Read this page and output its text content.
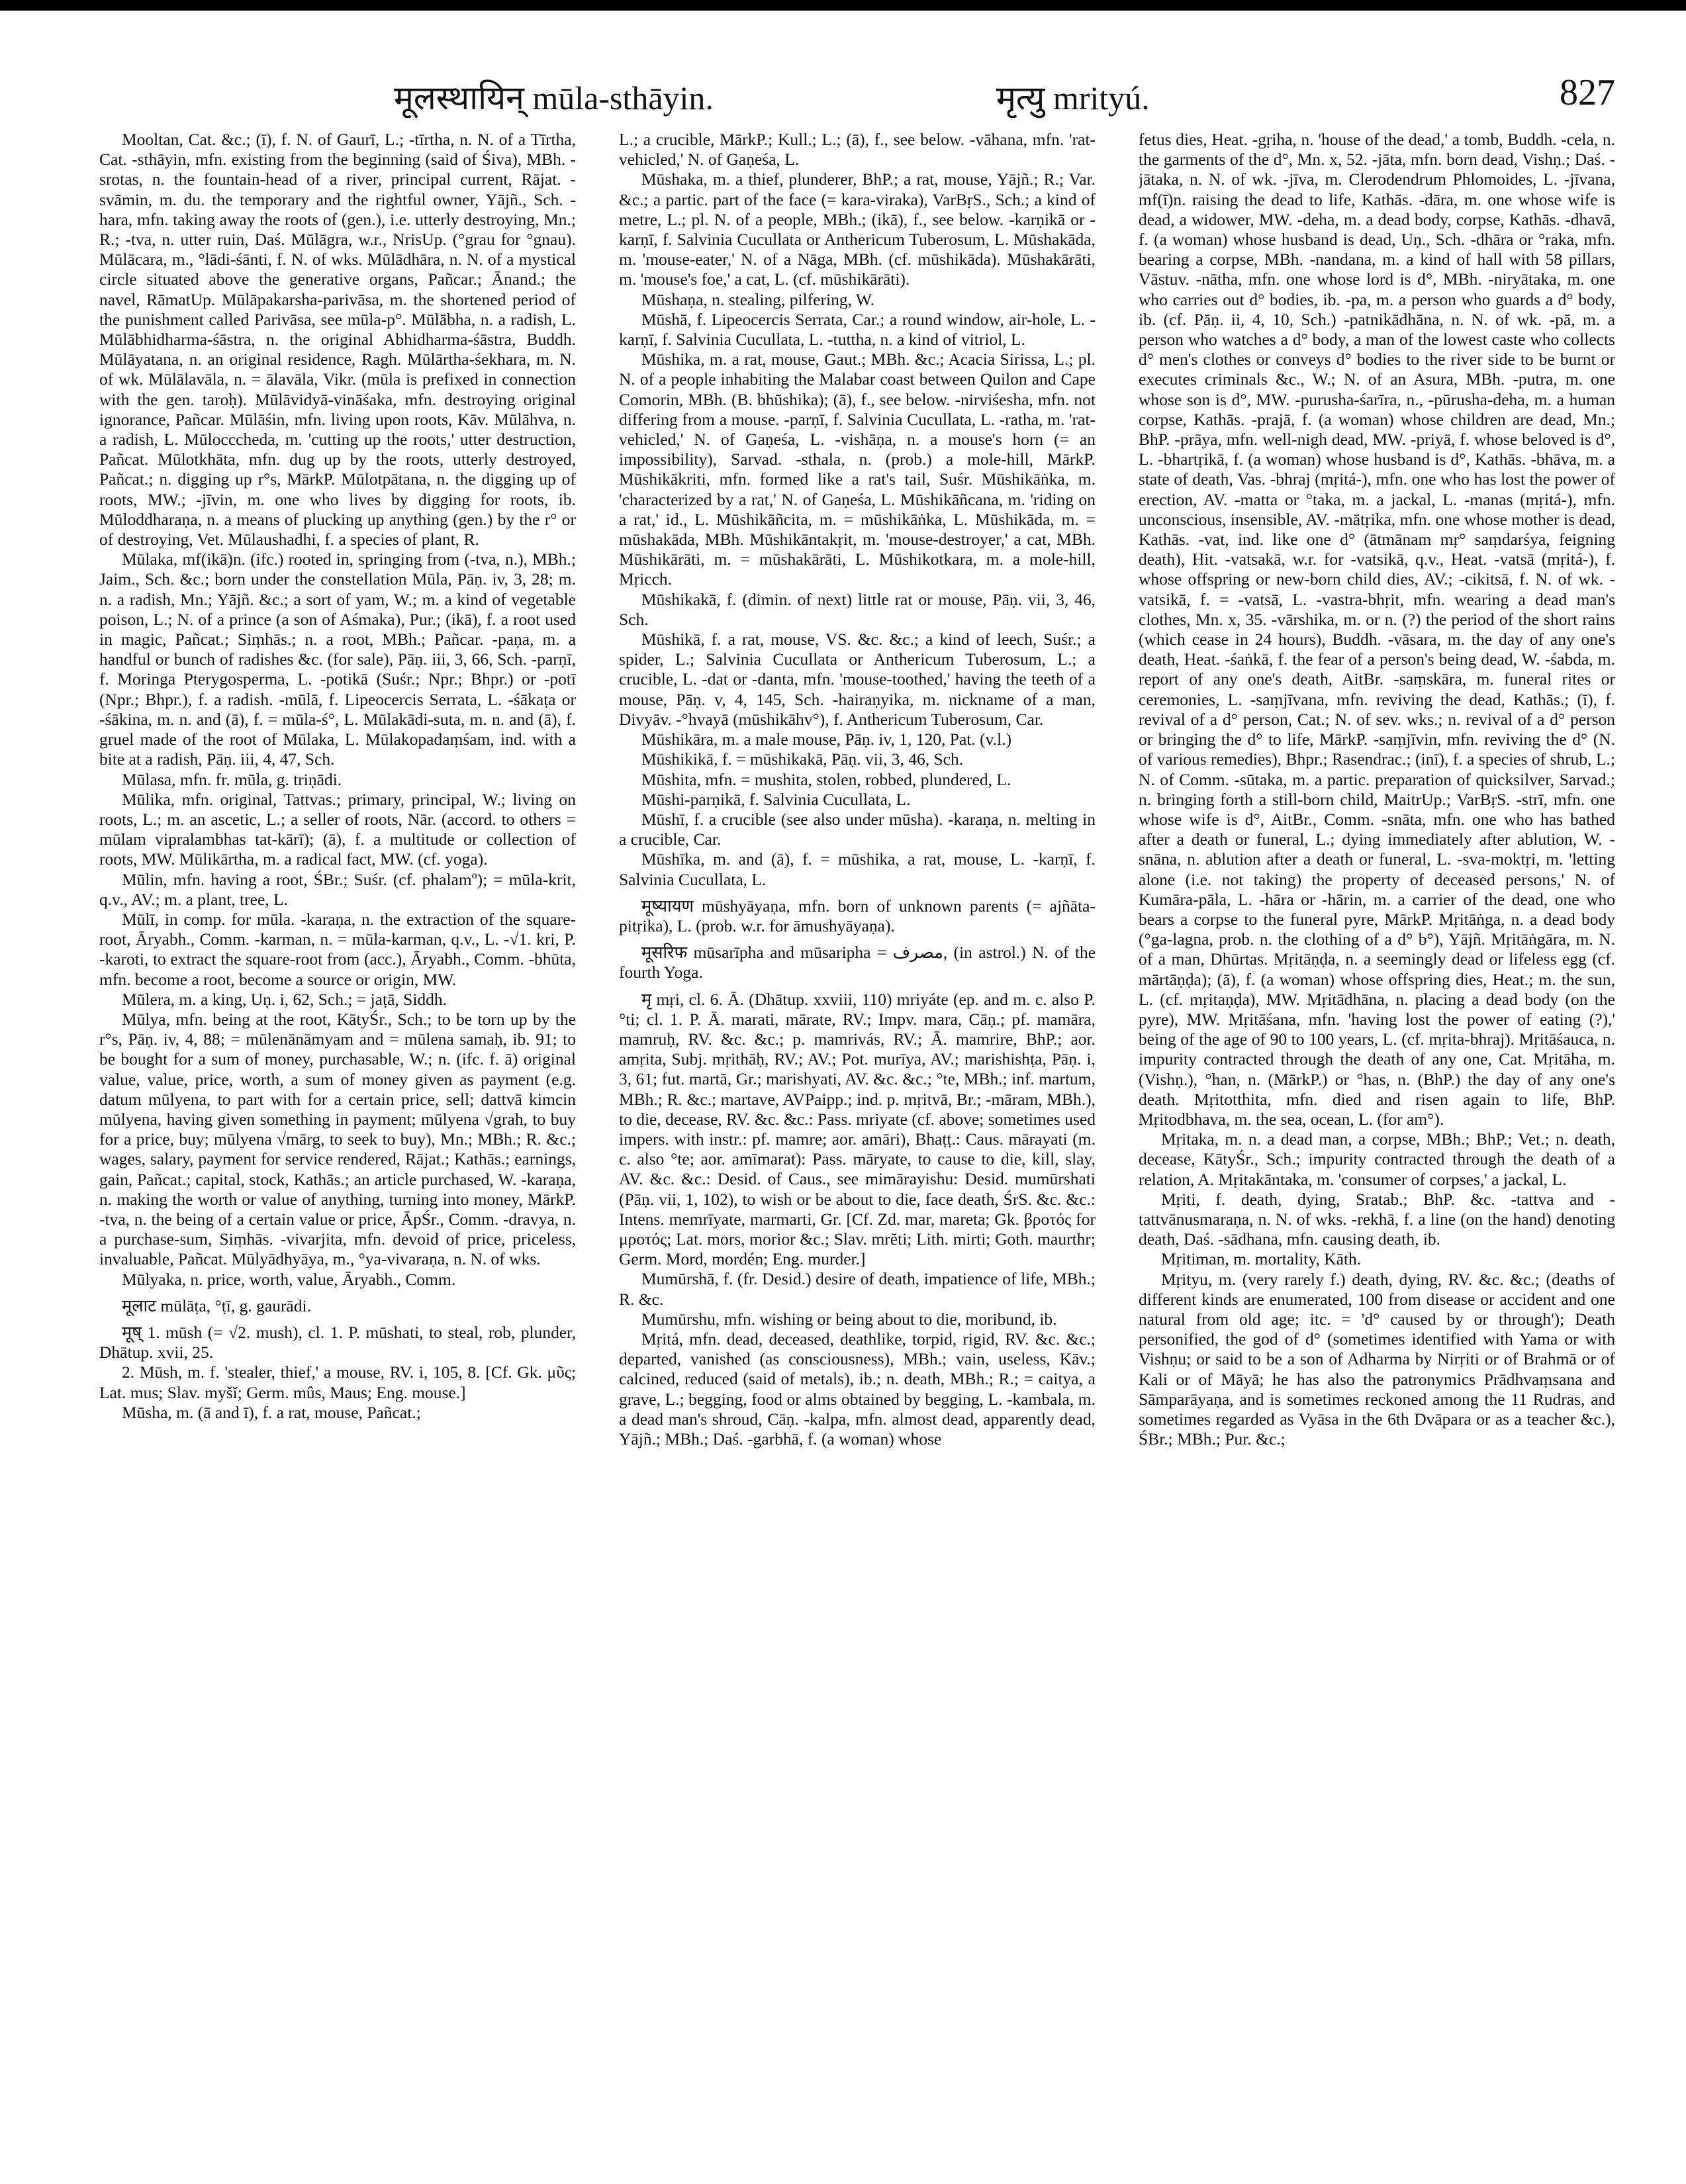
मूलस्थायिन् mūla-sthāyin.	मृत्यु mrityú.	827

Mooltan, Cat. &c.; (ī), f. N. of Gaurī, L.; -tīrtha, n. N. of a Tīrtha, Cat. -sthāyin, mfn. existing from the beginning (said of Śiva), MBh. -srotas, n. the fountain-head of a river, principal current, Rājat. -svāmin, m. du. the temporary and the rightful owner, Yājñ., Sch. -hara, mfn. taking away the roots of (gen.), i.e. utterly destroying, Mn.; R.; -tva, n. utter ruin, Daś. Mūlāgra, w.r., NrisUp. (°grau for °gnau). Mūlācara, m., °lādi-śānti, f. N. of wks. Mūlādhāra, n. N. of a mystical circle situated above the generative organs, Pañcar.; Ānand.; the navel, RāmatUp. Mūlāpakarsha-parivāsa, m. the shortened period of the punishment called Parivāsa, see mūla-p°. Mūlābha, n. a radish, L. Mūlābhidharma-śāstra, n. the original Abhidharma-śāstra, Buddh. Mūlāyatana, n. an original residence, Ragh. Mūlārtha-śekhara, m. N. of wk. Mūlālavāla, n. = ālavāla, Vikr. (mūla is prefixed in connection with the gen. taroḥ). Mūlāvidyā-vināśaka, mfn. destroying original ignorance, Pañcar. Mūlāśin, mfn. living upon roots, Kāv. Mūlāhva, n. a radish, L. Mūlocccheda, m. 'cutting up the roots,' utter destruction, Pañcat. Mūlotkhāta, mfn. dug up by the roots, utterly destroyed, Pañcat.; n. digging up r°s, MārkP. Mūlotpātana, n. the digging up of roots, MW.; -jīvin, m. one who lives by digging for roots, ib. Mūloddharaṇa, n. a means of plucking up anything (gen.) by the r° or of destroying, Vet. Mūlaushadhi, f. a species of plant, R.

Mūlaka, mf(ikā)n. (ifc.) rooted in, springing from (-tva, n.), MBh.; Jaim., Sch. &c.; born under the constellation Mūla, Pāṇ. iv, 3, 28; m. n. a radish, Mn.; Yājñ. &c.; a sort of yam, W.; m. a kind of vegetable poison, L.; N. of a prince (a son of Aśmaka), Pur.; (ikā), f. a root used in magic, Pañcat.; Siṃhās.; n. a root, MBh.; Pañcar. -paṇa, m. a handful or bunch of radishes &c. (for sale), Pāṇ. iii, 3, 66, Sch. -parṇī, f. Moringa Pterygosperma, L. -potikā (Suśr.; Npr.; Bhpr.) or -potī (Npr.; Bhpr.), f. a radish. -mūlā, f. Lipeocercis Serrata, L. -śākaṭa or -śākina, m. n. and (ā), f. = mūla-ś°, L. Mūlakādi-suta, m. n. and (ā), f. gruel made of the root of Mūlaka, L. Mūlakopadaṃśam, ind. with a bite at a radish, Pāṇ. iii, 4, 47, Sch.

Mūlasa, mfn. fr. mūla, g. triṇādi.

Mūlika, mfn. original, Tattvas.; primary, principal, W.; living on roots, L.; m. an ascetic, L.; a seller of roots, Nār. (accord. to others = mūlam vipralambhas tat-kārī); (ā), f. a multitude or collection of roots, MW. Mūlikārtha, m. a radical fact, MW. (cf. yoga).

Mūlin, mfn. having a root, ŚBr.; Suśr. (cf. phalamº); = mūla-krit, q.v., AV.; m. a plant, tree, L.

Mūlī, in comp. for mūla. -karaṇa, n. the extraction of the square-root, Āryabh., Comm. -karman, n. = mūla-karman, q.v., L. -√1. kri, P. -karoti, to extract the square-root from (acc.), Āryabh., Comm. -bhūta, mfn. become a root, become a source or origin, MW.

Mūlera, m. a king, Uṇ. i, 62, Sch.; = jaṭā, Siddh.

Mūlya, mfn. being at the root, KātyŚr., Sch.; to be torn up by the r°s, Pāṇ. iv, 4, 88; = mūlenānāmyam and = mūlena samaḥ, ib. 91; to be bought for a sum of money, purchasable, W.; n. (ifc. f. ā) original value, value, price, worth, a sum of money given as payment (e.g. datum mūlyena, to part with for a certain price, sell; dattvā kimcin mūlyena, having given something in payment; mūlyena √grah, to buy for a price, buy; mūlyena √mārg, to seek to buy), Mn.; MBh.; R. &c.; wages, salary, payment for service rendered, Rājat.; Kathās.; earnings, gain, Pañcat.; capital, stock, Kathās.; an article purchased, W. -karaṇa, n. making the worth or value of anything, turning into money, MārkP. -tva, n. the being of a certain value or price, ĀpŚr., Comm. -dravya, n. a purchase-sum, Siṃhās. -vivarjita, mfn. devoid of price, priceless, invaluable, Pañcat. Mūlyādhyāya, m., °ya-vivaraṇa, n. N. of wks.

Mūlyaka, n. price, worth, value, Āryabh., Comm.

मूलाट mūlāṭa, °ṭī, g. gaurādi.

मूष् 1. mūsh (= √2. mush), cl. 1. P. mūshati, to steal, rob, plunder, Dhātup. xvii, 25.

2. Mūsh, m. f. 'stealer, thief,' a mouse, RV. i, 105, 8. [Cf. Gk. μῦς; Lat. mus; Slav. myšĭ; Germ. mûs, Maus; Eng. mouse.]

Mūsha, m. (ā and ī), f. a rat, mouse, Pañcat.;

L.; a crucible, MārkP.; Kull.; L.; (ā), f., see below. -vāhana, mfn. 'rat-vehicled,' N. of Gaṇeśa, L.

Mūshaka, m. a thief, plunderer, BhP.; a rat, mouse, Yājñ.; R.; Var. &c.; a partic. part of the face (= kara-viraka), VarBṛS., Sch.; a kind of metre, L.; pl. N. of a people, MBh.; (ikā), f., see below. -karṇikā or -karṇī, f. Salvinia Cucullata or Anthericum Tuberosum, L. Mūshakāda, m. 'mouse-eater,' N. of a Nāga, MBh. (cf. mūshikāda). Mūshakārāti, m. 'mouse's foe,' a cat, L. (cf. mūshikārāti).

Mūshaṇa, n. stealing, pilfering, W.

Mūshā, f. Lipeocercis Serrata, Car.; a round window, air-hole, L. -karṇī, f. Salvinia Cucullata, L. -tuttha, n. a kind of vitriol, L.

Mūshika, m. a rat, mouse, Gaut.; MBh. &c.; Acacia Sirissa, L.; pl. N. of a people inhabiting the Malabar coast between Quilon and Cape Comorin, MBh. (B. bhūshika); (ā), f., see below. -nirviśesha, mfn. not differing from a mouse. -parṇī, f. Salvinia Cucullata, L. -ratha, m. 'rat-vehicled,' N. of Gaṇeśa, L. -vishāṇa, n. a mouse's horn (= an impossibility), Sarvad. -sthala, n. (prob.) a mole-hill, MārkP. Mūshikākriti, mfn. formed like a rat's tail, Suśr. Mūshikāṅka, m. 'characterized by a rat,' N. of Gaṇeśa, L. Mūshikāñcana, m. 'riding on a rat,' id., L. Mūshikāñcita, m. = mūshikāṅka, L. Mūshikāda, m. = mūshakāda, MBh. Mūshikāntakṛit, m. 'mouse-destroyer,' a cat, MBh. Mūshikārāti, m. = mūshakārāti, L. Mūshikotkara, m. a mole-hill, Mṛicch.

Mūshikakā, f. (dimin. of next) little rat or mouse, Pāṇ. vii, 3, 46, Sch.

Mūshikā, f. a rat, mouse, VS. &c. &c.; a kind of leech, Suśr.; a spider, L.; Salvinia Cucullata or Anthericum Tuberosum, L.; a crucible, L. -dat or -danta, mfn. 'mouse-toothed,' having the teeth of a mouse, Pāṇ. v, 4, 145, Sch. -hairaṇyika, m. nickname of a man, Divyāv. -°hvayā (mūshikāhv°), f. Anthericum Tuberosum, Car.

Mūshikāra, m. a male mouse, Pāṇ. iv, 1, 120, Pat. (v.l.)

Mūshikikā, f. = mūshikakā, Pāṇ. vii, 3, 46, Sch.

Mūshita, mfn. = mushita, stolen, robbed, plundered, L.

Mūshi-parṇikā, f. Salvinia Cucullata, L.

Mūshī, f. a crucible (see also under mūsha). -karaṇa, n. melting in a crucible, Car.

Mūshīka, m. and (ā), f. = mūshika, a rat, mouse, L. -karṇī, f. Salvinia Cucullata, L.

मूष्यायण mūshyāyaṇa, mfn. born of unknown parents (= ajñāta-pitṛika), L. (prob. w.r. for āmushyāyaṇa).

मूसरिफ mūsarīpha and mūsaripha = مصرف, (in astrol.) N. of the fourth Yoga.

मृ mṛi, cl. 6. Ā. (Dhātup. xxviii, 110) mriyáte (ep. and m. c. also P. °ti; cl. 1. P. Ā. marati, mārate, RV.; Impv. mara, Cāṇ.; pf. mamāra, mamruḥ, RV. &c. &c.; p. mamrivás, RV.; Ā. mamrire, BhP.; aor. amṛita, Subj. mṛithāḥ, RV.; AV.; Pot. murīya, AV.; marishishṭa, Pāṇ. i, 3, 61; fut. martā, Gr.; marishyati, AV. &c. &c.; °te, MBh.; inf. martum, MBh.; R. &c.; martave, AVPaipp.; ind. p. mṛitvā, Br.; -māram, MBh.), to die, decease, RV. &c. &c.: Pass. mriyate (cf. above; sometimes used impers. with instr.: pf. mamre; aor. amāri), Bhaṭṭ.: Caus. mārayati (m. c. also °te; aor. amīmarat): Pass. māryate, to cause to die, kill, slay, AV. &c. &c.: Desid. of Caus., see mimārayishu: Desid. mumūrshati (Pāṇ. vii, 1, 102), to wish or be about to die, face death, ŚrS. &c. &c.: Intens. memrīyate, marmarti, Gr. [Cf. Zd. mar, mareta; Gk. βροτός for μροτός; Lat. mors, morior &c.; Slav. mrĕti; Lith. mirti; Goth. maurthr; Germ. Mord, mordén; Eng. murder.]

Mumūrshā, f. (fr. Desid.) desire of death, impatience of life, MBh.; R. &c.

Mumūrshu, mfn. wishing or being about to die, moribund, ib.

Mṛitá, mfn. dead, deceased, deathlike, torpid, rigid, RV. &c. &c.; departed, vanished (as consciousness), MBh.; vain, useless, Kāv.; calcined, reduced (said of metals), ib.; n. death, MBh.; R.; = caitya, a grave, L.; begging, food or alms obtained by begging, L. -kambala, m. a dead man's shroud, Cāṇ. -kalpa, mfn. almost dead, apparently dead, Yājñ.; MBh.; Daś. -garbhā, f. (a woman) whose

fetus dies, Heat. -gṛiha, n. 'house of the dead,' a tomb, Buddh. -cela, n. the garments of the d°, Mn. x, 52. -jāta, mfn. born dead, Vishṇ.; Daś. -jātaka, n. N. of wk. -jīva, m. Clerodendrum Phlomoides, L. -jīvana, mf(ī)n. raising the dead to life, Kathās. -dāra, m. one whose wife is dead, a widower, MW. -deha, m. a dead body, corpse, Kathās. -dhavā, f. (a woman) whose husband is dead, Uṇ., Sch. -dhāra or °raka, mfn. bearing a corpse, MBh. -nandana, m. a kind of hall with 58 pillars, Vāstuv. -nātha, mfn. one whose lord is d°, MBh. -niryātaka, m. one who carries out d° bodies, ib. -pa, m. a person who guards a d° body, ib. (cf. Pāṇ. ii, 4, 10, Sch.) -patnikādhāna, n. N. of wk. -pā, m. a person who watches a d° body, a man of the lowest caste who collects d° men's clothes or conveys d° bodies to the river side to be burnt or executes criminals &c., W.; N. of an Asura, MBh. -putra, m. one whose son is d°, MW. -purusha-śarīra, n., -pūrusha-deha, m. a human corpse, Kathās. -prajā, f. (a woman) whose children are dead, Mn.; BhP. -prāya, mfn. well-nigh dead, MW. -priyā, f. whose beloved is d°, L. -bhartṛikā, f. (a woman) whose husband is d°, Kathās. -bhāva, m. a state of death, Vas. -bhraj (mṛitá-), mfn. one who has lost the power of erection, AV. -matta or °taka, m. a jackal, L. -manas (mṛitá-), mfn. unconscious, insensible, AV. -mātṛika, mfn. one whose mother is dead, Kathās. -vat, ind. like one d° (ātmānam mṛ° saṃdarśya, feigning death), Hit. -vatsakā, w.r. for -vatsikā, q.v., Heat. -vatsā (mṛitá-), f. whose offspring or new-born child dies, AV.; -cikitsā, f. N. of wk. -vatsikā, f. = -vatsā, L. -vastra-bhṛit, mfn. wearing a dead man's clothes, Mn. x, 35. -vārshika, m. or n. (?) the period of the short rains (which cease in 24 hours), Buddh. -vāsara, m. the day of any one's death, Heat. -śaṅkā, f. the fear of a person's being dead, W. -śabda, m. report of any one's death, AitBr. -saṃskāra, m. funeral rites or ceremonies, L. -saṃjīvana, mfn. reviving the dead, Kathās.; (ī), f. revival of a d° person, Cat.; N. of sev. wks.; n. revival of a d° person or bringing the d° to life, MārkP. -saṃjīvin, mfn. reviving the d° (N. of various remedies), Bhpr.; Rasendrac.; (inī), f. a species of shrub, L.; N. of Comm. -sūtaka, m. a partic. preparation of quicksilver, Sarvad.; n. bringing forth a still-born child, MaitrUp.; VarBṛS. -strī, mfn. one whose wife is d°, AitBr., Comm. -snāta, mfn. one who has bathed after a death or funeral, L.; dying immediately after ablution, W. -snāna, n. ablution after a death or funeral, L. -sva-moktṛi, m. 'letting alone (i.e. not taking) the property of deceased persons,' N. of Kumāra-pāla, L. -hāra or -hārin, m. a carrier of the dead, one who bears a corpse to the funeral pyre, MārkP. Mṛitāṅga, n. a dead body (°ga-lagna, prob. n. the clothing of a d° b°), Yājñ. Mṛitāṅgāra, m. N. of a man, Dhūrtas. Mṛitāṇḍa, n. a seemingly dead or lifeless egg (cf. mārtāṇḍa); (ā), f. (a woman) whose offspring dies, Heat.; m. the sun, L. (cf. mṛitaṇḍa), MW. Mṛitādhāna, n. placing a dead body (on the pyre), MW. Mṛitāśana, mfn. 'having lost the power of eating (?),' being of the age of 90 to 100 years, L. (cf. mṛita-bhraj). Mṛitāśauca, n. impurity contracted through the death of any one, Cat. Mṛitāha, m. (Vishṇ.), °han, n. (MārkP.) or °has, n. (BhP.) the day of any one's death. Mṛitotthita, mfn. died and risen again to life, BhP. Mṛitodbhava, m. the sea, ocean, L. (for am°).

Mṛitaka, m. n. a dead man, a corpse, MBh.; BhP.; Vet.; n. death, decease, KātyŚr., Sch.; impurity contracted through the death of a relation, A. Mṛitakāntaka, m. 'consumer of corpses,' a jackal, L.

Mṛiti, f. death, dying, Sratab.; BhP. &c. -tattva and -tattvānusmaraṇa, n. N. of wks. -rekhā, f. a line (on the hand) denoting death, Daś. -sādhana, mfn. causing death, ib.

Mṛitiman, m. mortality, Kāth.

Mṛityu, m. (very rarely f.) death, dying, RV. &c. &c.; (deaths of different kinds are enumerated, 100 from disease or accident and one natural from old age; itc. = 'd° caused by or through'); Death personified, the god of d° (sometimes identified with Yama or with Vishṇu; or said to be a son of Adharma by Nirṛiti or of Brahmā or of Kali or of Māyā; he has also the patronymics Prādhvaṃsana and Sāmparāyaṇa, and is sometimes reckoned among the 11 Rudras, and sometimes regarded as Vyāsa in the 6th Dvāpara or as a teacher &c.), ŚBr.; MBh.; Pur. &c.;
